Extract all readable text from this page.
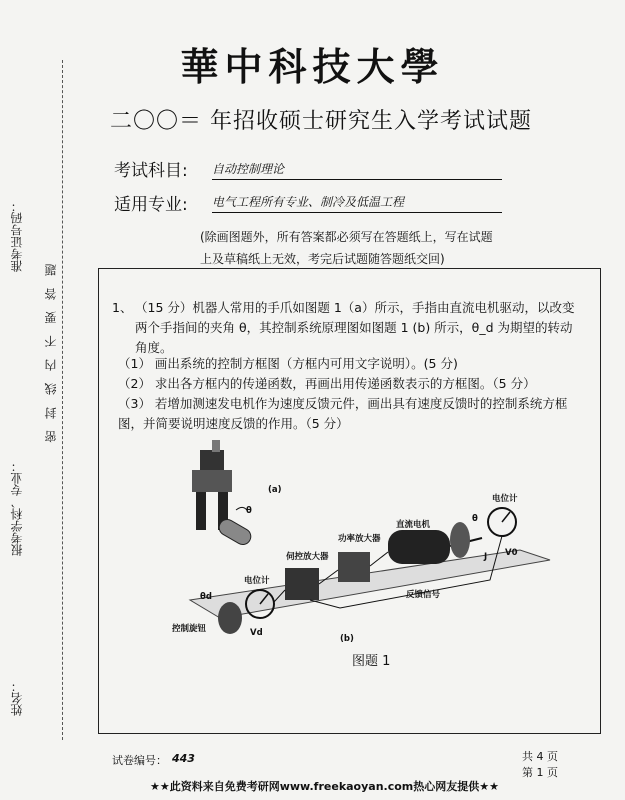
華中科技大學
二〇〇＝ 年招收硕士研究生入学考试试题
考试科目: 自动控制理论
适用专业: 电气工程所有专业、制冷及低温工程
(除画图题外，所有答案都必须写在答题纸上，写在试题上及草稿纸上无效，考完后试题随答题纸交回)
1、 （15 分）机器人常用的手爪如图题 1（a）所示，手指由直流电机驱动，以改变两个手指间的夹角 θ，其控制系统原理图如图题 1 (b) 所示，θ_d 为期望的转动角度。
（1） 画出系统的控制方框图（方框内可用文字说明）。(5 分)
（2） 求出各方框内的传递函数，再画出用传递函数表示的方框图。（5 分）
（3） 若增加测速发电机作为速度反馈元件，画出具有速度反馈时的控制系统方框图，并简要说明速度反馈的作用。（5 分）
(a)
θ
电位计
θ
直流电机
功率放大器
伺控放大器	J V0
电位计
θd	反馈信号
控制旋钮	Vd
(b)
图题 1
准考证号码：
密 封 线 内 不 要 答 题
报考学科、专业：
姓名：
试卷编号： 443	共 4 页
第 1 页
★★此资料来自免费考研网www.freekaoyan.com热心网友提供★★
